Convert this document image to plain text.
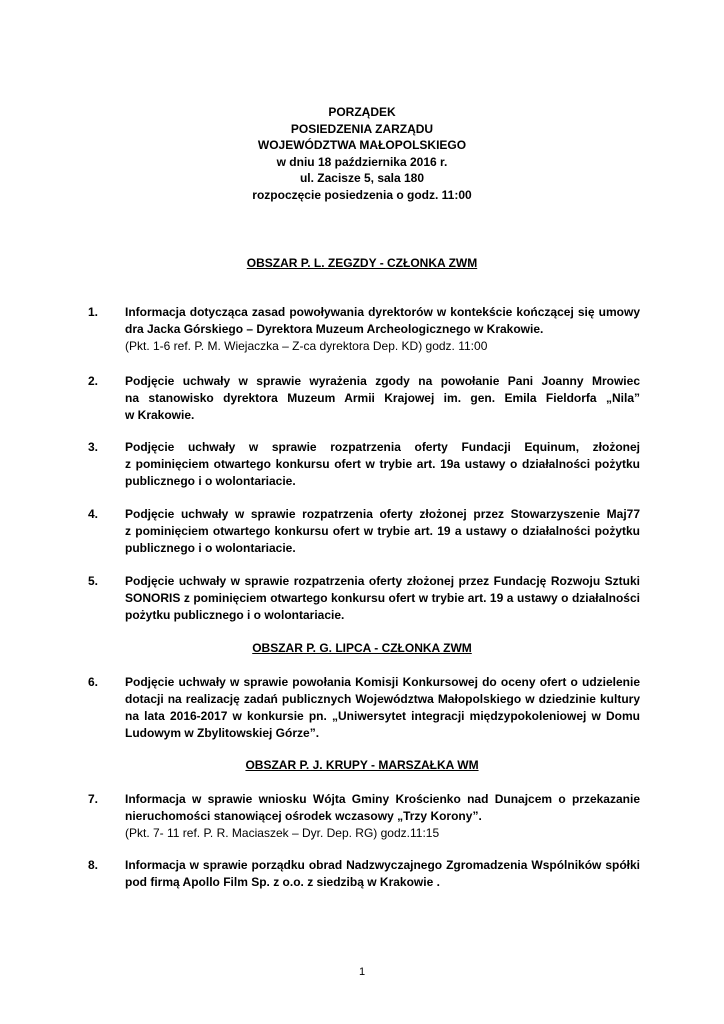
PORZĄDEK
POSIEDZENIA ZARZĄDU
WOJEWÓDZTWA MAŁOPOLSKIEGO
w dniu 18 października 2016 r.
ul. Zacisze 5, sala 180
rozpoczęcie posiedzenia o godz. 11:00
OBSZAR P. L. ZEGZDY - CZŁONKA ZWM
1. Informacja dotycząca zasad powoływania dyrektorów w kontekście kończącej się umowy
dra Jacka Górskiego – Dyrektora Muzeum Archeologicznego w Krakowie.
(Pkt. 1-6 ref. P. M. Wiejaczka – Z-ca dyrektora Dep. KD) godz. 11:00
2. Podjęcie uchwały w sprawie wyrażenia zgody na powołanie Pani Joanny Mrowiec
na stanowisko dyrektora Muzeum Armii Krajowej im. gen. Emila Fieldorfa „Nila”
w Krakowie.
3. Podjęcie uchwały w sprawie rozpatrzenia oferty Fundacji Equinum, złożonej
z pominięciem otwartego konkursu ofert w trybie art. 19a ustawy o działalności pożytku
publicznego i o wolontariacie.
4. Podjęcie uchwały w sprawie rozpatrzenia oferty złożonej przez Stowarzyszenie Maj77
z pominięciem otwartego konkursu ofert w trybie art. 19 a ustawy o działalności pożytku
publicznego i o wolontariacie.
5. Podjęcie uchwały w sprawie rozpatrzenia oferty złożonej przez Fundację Rozwoju Sztuki
SONORIS z pominięciem otwartego konkursu ofert w trybie art. 19 a ustawy o działalności
pożytku publicznego i o wolontariacie.
OBSZAR P. G. LIPCA - CZŁONKA ZWM
6. Podjęcie uchwały w sprawie powołania Komisji Konkursowej do oceny ofert o udzielenie
dotacji na realizację zadań publicznych Województwa Małopolskiego w dziedzinie kultury
na lata 2016-2017 w konkursie pn. „Uniwersytet integracji międzypokoleniowej w Domu
Ludowym w Zbylitowskiej Górze”.
OBSZAR P. J. KRUPY - MARSZAŁKA WM
7. Informacja w sprawie wniosku Wójta Gminy Krościenko nad Dunajcem o przekazanie
nieruchomości stanowiącej ośrodek wczasowy „Trzy Korony”.
(Pkt. 7- 11 ref. P. R. Maciaszek – Dyr. Dep. RG) godz.11:15
8. Informacja w sprawie porządku obrad Nadzwyczajnego Zgromadzenia Wspólników spółki
pod firmą Apollo Film Sp. z o.o. z siedzibą w Krakowie .
1
